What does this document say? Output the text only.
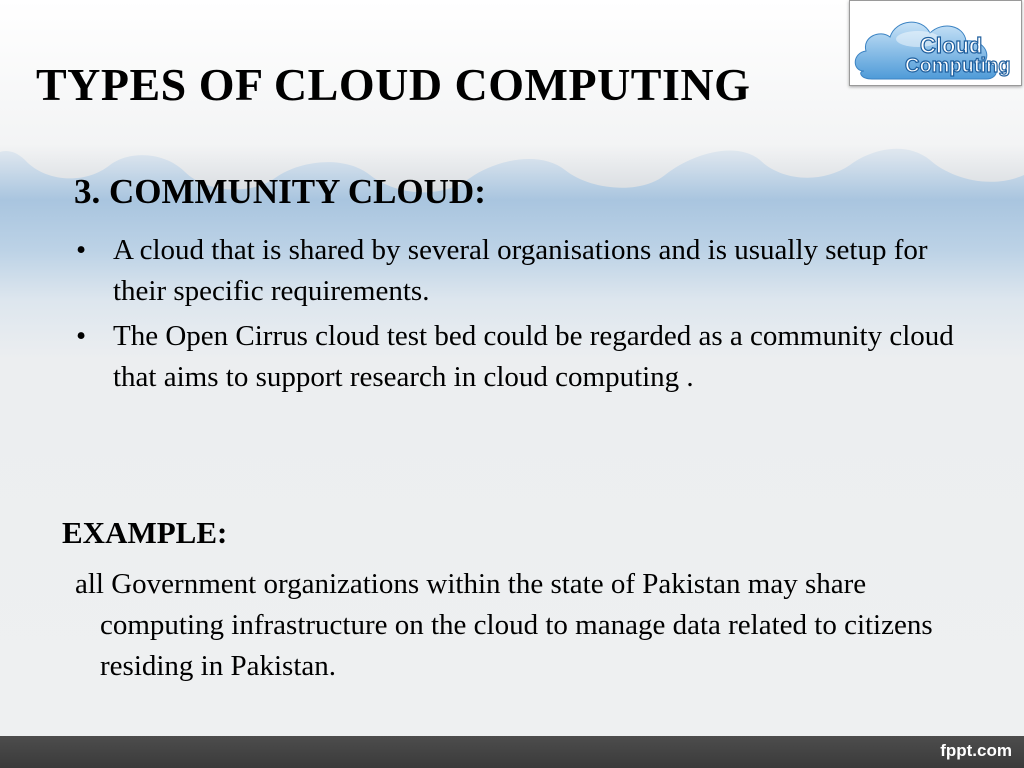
Cloud
Computing
TYPES OF CLOUD COMPUTING
3. COMMUNITY CLOUD:
• A cloud that is shared by several organisations and is usually setup for their specific requirements.
• The Open Cirrus cloud test bed could be regarded as a community cloud that aims to support research in cloud computing .
EXAMPLE:

all Government organizations within the state of Pakistan may share computing infrastructure on the cloud to manage data related to citizens residing in Pakistan.

fppt.com
